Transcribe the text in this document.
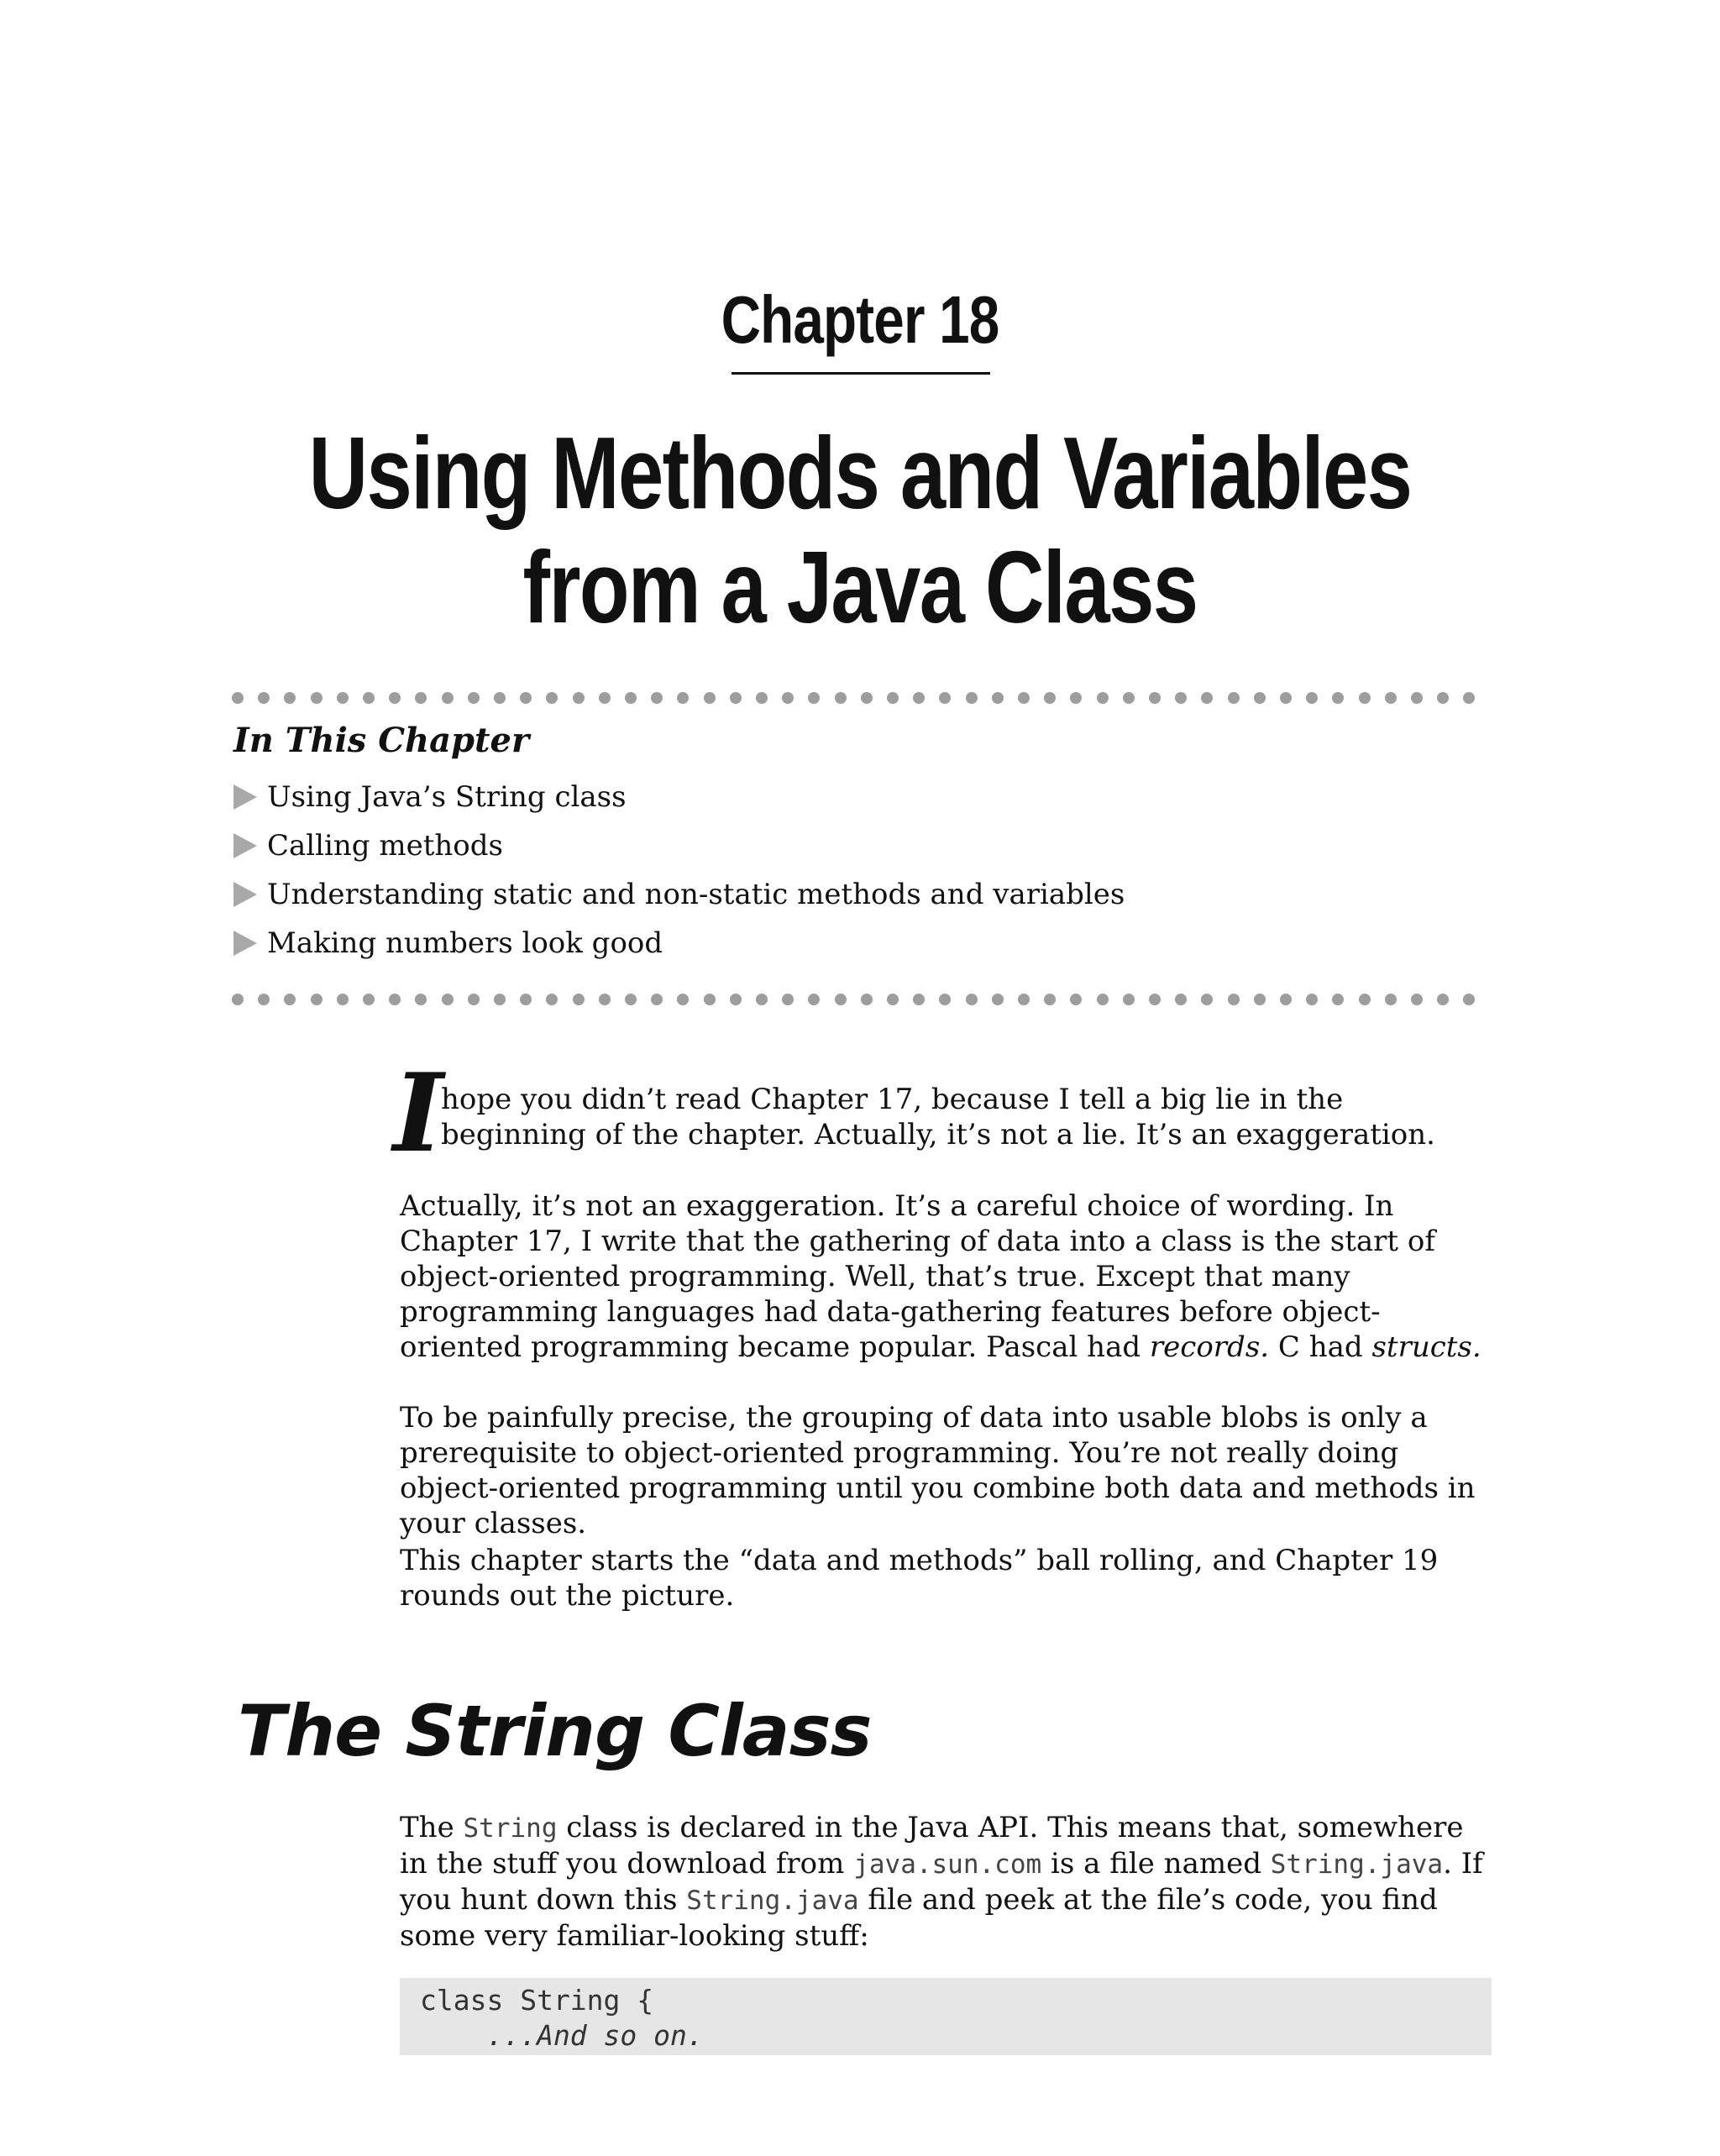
Chapter 18
Using Methods and Variables
from a Java Class
In This Chapter
Using Java’s String class
Calling methods
Understanding static and non-static methods and variables
Making numbers look good
I
hope you didn’t read Chapter 17, because I tell a big lie in the beginning of the chapter. Actually, it’s not a lie. It’s an exaggeration.

Actually, it’s not an exaggeration. It’s a careful choice of wording. In Chapter 17, I write that the gathering of data into a class is the start of object-oriented programming. Well, that’s true. Except that many programming languages had data-gathering features before object-oriented programming became popular. Pascal had records. C had structs.

To be painfully precise, the grouping of data into usable blobs is only a prerequisite to object-oriented programming. You’re not really doing object-oriented programming until you combine both data and methods in your classes.

This chapter starts the “data and methods” ball rolling, and Chapter 19 rounds out the picture.

The String Class

The String class is declared in the Java API. This means that, somewhere in the stuff you download from java.sun.com is a file named String.java. If you hunt down this String.java file and peek at the file’s code, you find some very familiar-looking stuff:

class String {
...And so on.
